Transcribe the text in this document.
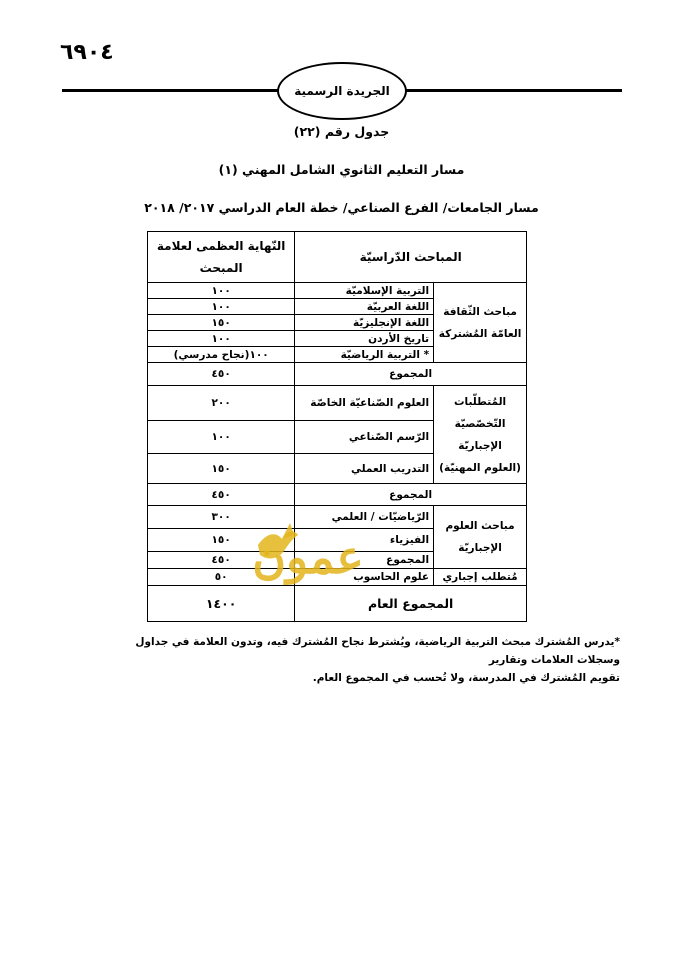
٦٩٠٤
الجريدة الرسمية
جدول رقم (٢٢)
مسار التعليم الثانوي الشامل المهني (١)
مسار الجامعات/ الفرع الصناعي/ خطة العام الدراسي ٢٠١٧/ ٢٠١٨
المباحث الدّراسيّة		النّهاية العظمى لعلامة المبحث
مباحث الثّقافة العامّة المُشتركة	التربية الإسلاميّة	١٠٠
	اللغة العربيّة	١٠٠
	اللغة الإنجليزيّة	١٥٠
	تاريخ الأردن	١٠٠
	* التربية الرياضيّة	١٠٠(نجاح مدرسي)
المجموع		٤٥٠
المُتطلّبات التّخصّصيّة الإجباريّة (العلوم المهنيّة)	العلوم الصّناعيّة الخاصّة	٢٠٠
	الرّسم الصّناعي	١٠٠
	التدريب العملي	١٥٠
المجموع		٤٥٠
مباحث العلوم الإجباريّة	الرّياضيّات / العلمي	٣٠٠
	الفيزياء	١٥٠
	المجموع	٤٥٠
مُتطلب إجباري	علوم الحاسوب	٥٠
المجموع العام		١٤٠٠
*يدرس المُشترك مبحث التربية الرياضية، ويُشترط نجاح المُشترك فيه، وتدون العلامة في جداول وسجلات العلامات وتقارير
تقويم المُشترك في المدرسة، ولا تُحسب في المجموع العام.
عمون
